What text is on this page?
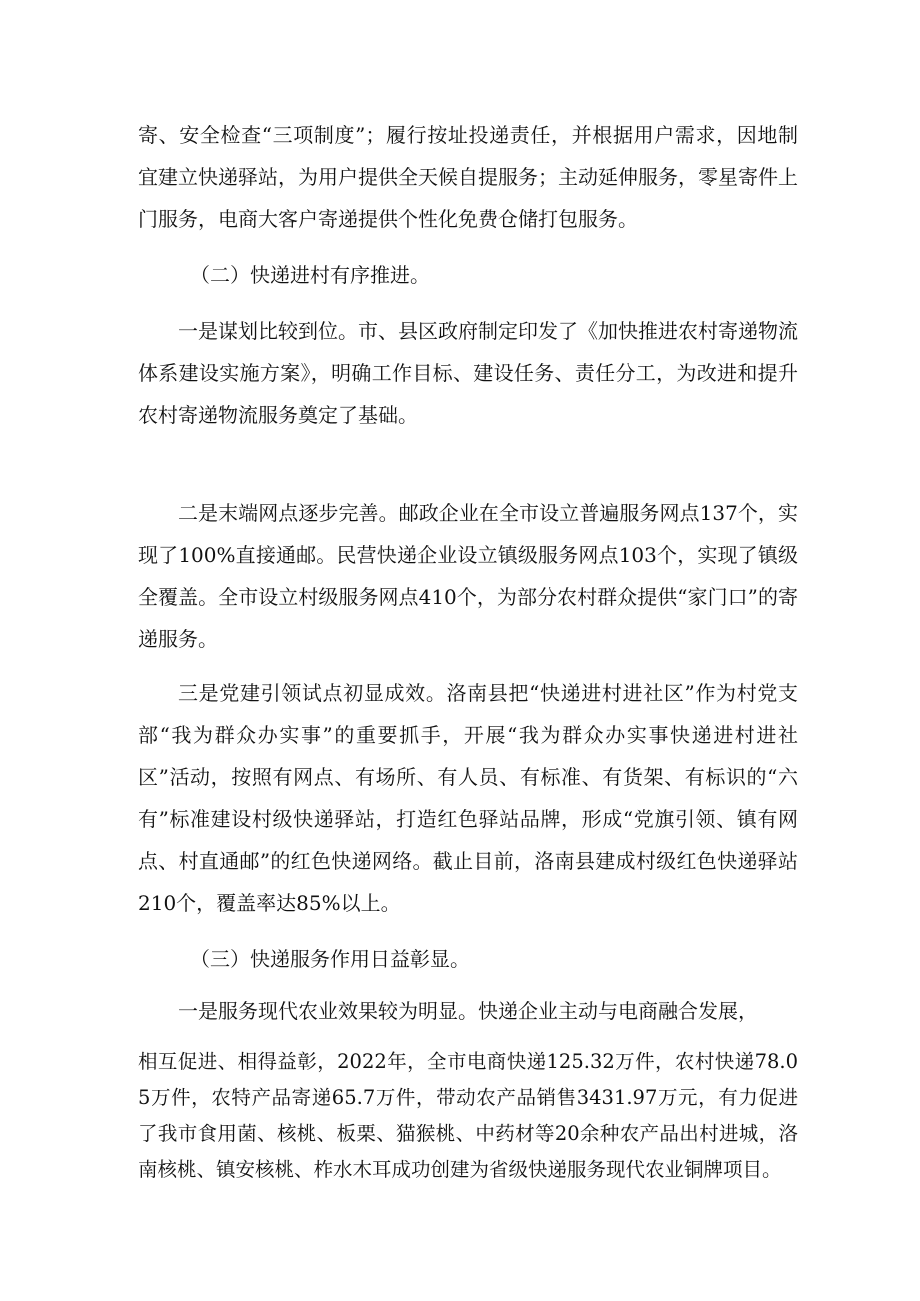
寄、安全检查“三项制度”；履行按址投递责任，并根据用户需求，因地制宜建立快递驿站，为用户提供全天候自提服务；主动延伸服务，零星寄件上门服务，电商大客户寄递提供个性化免费仓储打包服务。

（二）快递进村有序推进。

一是谋划比较到位。市、县区政府制定印发了《加快推进农村寄递物流体系建设实施方案》，明确工作目标、建设任务、责任分工，为改进和提升农村寄递物流服务奠定了基础。

二是末端网点逐步完善。邮政企业在全市设立普遍服务网点137个，实现了100%直接通邮。民营快递企业设立镇级服务网点103个，实现了镇级全覆盖。全市设立村级服务网点410个，为部分农村群众提供“家门口”的寄递服务。

三是党建引领试点初显成效。洛南县把“快递进村进社区”作为村党支部“我为群众办实事”的重要抓手，开展“我为群众办实事快递进村进社区”活动，按照有网点、有场所、有人员、有标准、有货架、有标识的“六有”标准建设村级快递驿站，打造红色驿站品牌，形成“党旗引领、镇有网点、村直通邮”的红色快递网络。截止目前，洛南县建成村级红色快递驿站210个，覆盖率达85%以上。

（三）快递服务作用日益彰显。

一是服务现代农业效果较为明显。快递企业主动与电商融合发展，

相互促进、相得益彰，2022年，全市电商快递125.32万件，农村快递78.05万件，农特产品寄递65.7万件，带动农产品销售3431.97万元，有力促进了我市食用菌、核桃、板栗、猫猴桃、中药材等20余种农产品出村进城，洛南核桃、镇安核桃、柞水木耳成功创建为省级快递服务现代农业铜牌项目。
